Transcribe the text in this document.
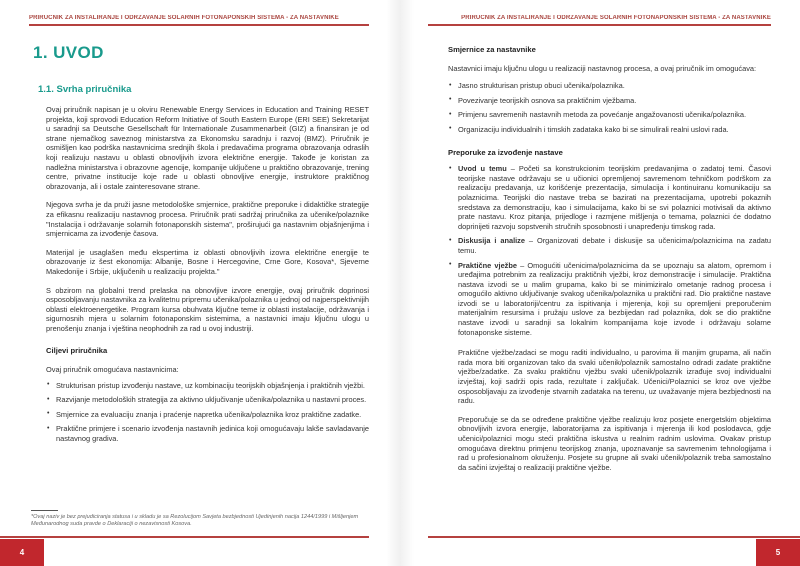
PRIRUČNIK ZA INSTALIRANJE I ODRŽAVANJE SOLARNIH FOTONAPONSKIH SISTEMA - ZA NASTAVNIKE
1. UVOD
1.1. Svrha priručnika

Ovaj priručnik napisan je u okviru Renewable Energy Services in Education and Training RESET projekta, koji sprovodi Education Reform Initiative of South Eastern Europe (ERI SEE) Sekretarijat u saradnji sa Deutsche Gesellschaft für Internationale Zusammenarbeit (GIZ) a finansiran je od strane njemačkog saveznog ministarstva za Ekonomsku saradnju i razvoj (BMZ). Priručnik je osmišljen kao podrška nastavnicima srednjih škola i predavačima programa obrazovanja odraslih koji realizuju nastavu u oblasti obnovljivih izvora električne energije. Takođe je koristan za nadležna ministarstva i obrazovne agencije, kompanije uključene u praktično obrazovanje, trening centre, privatne institucije koje rade u oblasti obnovljive energije, instruktore praktičnog obrazovanja, ali i ostale zainteresovane strane.

Njegova svrha je da pruži jasne metodološke smjernice, praktične preporuke i didaktičke strategije za efikasnu realizaciju nastavnog procesa. Priručnik prati sadržaj priručnika za učenike/polaznike "Instalacija i održavanje solarnih fotonaponskih sistema", proširujući ga nastavnim objašnjenjima i smjernicama za izvođenje časova.

Materijal je usaglašen među ekspertima iz oblasti obnovljivih izovra električne energije te obrazovanje iz šest ekonomija: Albanije, Bosne i Hercegovine, Crne Gore, Kosova*, Sjeverne Makedonije i Srbije, uključenih u realizaciju projekta."

S obzirom na globalni trend prelaska na obnovljive izvore energije, ovaj priručnik doprinosi osposobljavanju nastavnika za kvalitetnu pripremu učenika/polaznika u jednoj od najperspektivnijih oblasti elektroenergetike. Program kursa obuhvata ključne teme iz oblasti instalacije, održavanja i sigurnosnih mjera u solarnim fotonaponskim sistemima, a nastavnici imaju ključnu ulogu u prenošenju znanja i vještina neophodnih za rad u ovoj industriji.

Ciljevi priručnika

Ovaj priručnik omogućava nastavnicima:

• Strukturisan pristup izvođenju nastave, uz kombinaciju teorijskih objašnjenja i praktičnih vježbi.
• Razvijanje metodoloških strategija za aktivno uključivanje učenika/polaznika u nastavni proces.
• Smjernice za evaluaciju znanja i praćenje napretka učenika/polaznika kroz praktične zadatke.
• Praktične primjere i scenario izvođenja nastavnih jedinica koji omogućavaju lakše savladavanje nastavnog gradiva.
*Ovaj naziv je bez prejudiciranja statusa i u skladu je sa Rezolucijom Savjeta bezbjednosti Ujedinjenih nacija 1244/1999 i Mišljenjem Međunarodnog suda pravde o Deklaraciji o nezavisnosti Kosova.
4
PRIRUČNIK ZA INSTALIRANJE I ODRŽAVANJE SOLARNIH FOTONAPONSKIH SISTEMA - ZA NASTAVNIKE
Smjernice za nastavnike

Nastavnici imaju ključnu ulogu u realizaciji nastavnog procesa, a ovaj priručnik im omogućava:

• Jasno strukturisan pristup obuci učenika/polaznika.
• Povezivanje teorijskih osnova sa praktičnim vježbama.
• Primjenu savremenih nastavnih metoda za povećanje angažovanosti učenika/polaznika.
• Organizaciju individualnih i timskih zadataka kako bi se simulirali realni uslovi rada.
Preporuke za izvođenje nastave
• Uvod u temu – Početi sa konstrukcionim teorijskim predavanjima o zadatoj temi. Časovi teorijske nastave održavaju se u učionici opremljenoj savremenom tehničkom podrškom za realizaciju predavanja, uz korišćenje prezentacija, simulacija i kontinuiranu komunikaciju sa polaznicima. Teorijski dio nastave treba se bazirati na prezentacijama, upotrebi pokaznih sredstava za demonstraciju, kao i simulacijama, kako bi se svi polaznici motivisali da aktivno prate nastavu. Kroz pitanja, prijedloge i razmjene mišljenja o temama, polaznici će dodatno doprinijeti razvoju sopstvenih stručnih sposobnosti i unapređenju timskog rada.
• Diskusija i analize – Organizovati debate i diskusije sa učenicima/polaznicima na zadatu temu.
• Praktične vježbe – Omogućiti učenicima/polaznicima da se upoznaju sa alatom, opremom i uređajima potrebnim za realizaciju praktičnih vježbi, kroz demonstracije i simulacije. Praktična nastava izvodi se u malim grupama, kako bi se minimiziralo ometanje radnog procesa i omogućilo aktivno uključivanje svakog učenika/polaznika u praktični rad. Dio praktične nastave izvodi se u laboratoriji/centru za ispitivanja i mjerenja, koji su opremljeni preporučenim materijalnim resursima i pružaju uslove za bezbijedan rad polaznika, dok se dio praktične nastave izvodi u saradnji sa lokalnim kompanijama koje izvode i održavaju solarne fotonaponske sisteme.

Praktične vježbe/zadaci se mogu raditi individualno, u parovima ili manjim grupama, ali način rada mora biti organizovan tako da svaki učenik/polaznik samostalno odradi zadate praktične vježbe/zadatke. Za svaku praktičnu vježbu svaki učenik/polaznik izrađuje svoj individualni izvještaj, koji sadrži opis rada, rezultate i zaključak. Učenici/Polaznici se kroz ove vježbe osposobljavaju za izvođenje stvarnih zadataka na terenu, uz uvažavanje mjera bezbjednosti na radu.

Preporučuje se da se određene praktične vježbe realizuju kroz posjete energetskim objektima obnovljivih izvora energije, laboratorijama za ispitivanja i mjerenja ili kod poslodavca, gdje učenici/polaznici mogu steći praktična iskustva u realnim radnim uslovima. Ovakav pristup omogućava direktnu primjenu teorijskog znanja, upoznavanje sa savremenim tehnologijama i rad u profesionalnom okruženju. Posjete su grupne ali svaki učenik/polaznik treba samostalno da sačini izvještaj o realizaciji praktične vježbe.

5
